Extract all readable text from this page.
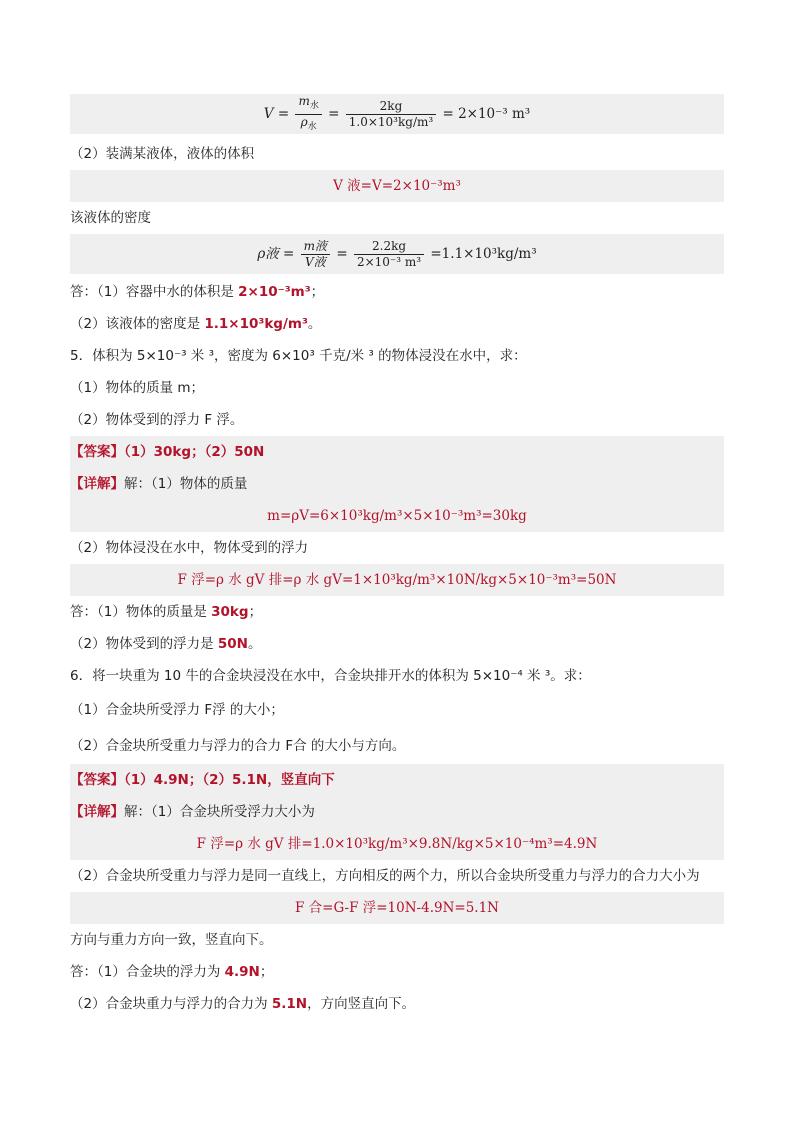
$V = \frac{m_水}{\rho_水} = \frac{2kg}{\text{1.0×10³kg/m³}} = 2\times 10^{-3}$ m³
（2）装满某液体，液体的体积
V 液=V=2×10⁻³m³
该液体的密度
ρ液 = $\frac{\text{m液}}{\text{V液}} = \frac{2.2kg}{\text{2×10⁻³ m³}} =1.1\times 10^3kg/m^3$
答：（1）容器中水的体积是 2×10⁻³m³；
（2）该液体的密度是 1.1×10³kg/m³。
5．体积为 5×10⁻³ 米 ³，密度为 6×10³ 千克/米 ³ 的物体浸没在水中，求：
（1）物体的质量 m；
（2）物体受到的浮力 F 浮。
【答案】（1）30kg；（2）50N
【详解】解：（1）物体的质量
m=ρV=6×10³kg/m³×5×10⁻³m³=30kg
（2）物体浸没在水中，物体受到的浮力
F 浮=ρ 水 gV 排=ρ 水 gV=1×10³kg/m³×10N/kg×5×10⁻³m³=50N
答：（1）物体的质量是 30kg；
（2）物体受到的浮力是 50N。
6．将一块重为 10 牛的合金块浸没在水中，合金块排开水的体积为 5×10⁻⁴ 米 ³。求：
（1）合金块所受浮力 F浮 的大小；
（2）合金块所受重力与浮力的合力 F合 的大小与方向。
【答案】（1）4.9N；（2）5.1N，竖直向下
【详解】解：（1）合金块所受浮力大小为
F 浮=ρ 水 gV 排=1.0×10³kg/m³×9.8N/kg×5×10⁻⁴m³=4.9N
（2）合金块所受重力与浮力是同一直线上，方向相反的两个力，所以合金块所受重力与浮力的合力大小为
F 合=G-F 浮=10N-4.9N=5.1N
方向与重力方向一致，竖直向下。
答：（1）合金块的浮力为 4.9N；
（2）合金块重力与浮力的合力为 5.1N，方向竖直向下。
